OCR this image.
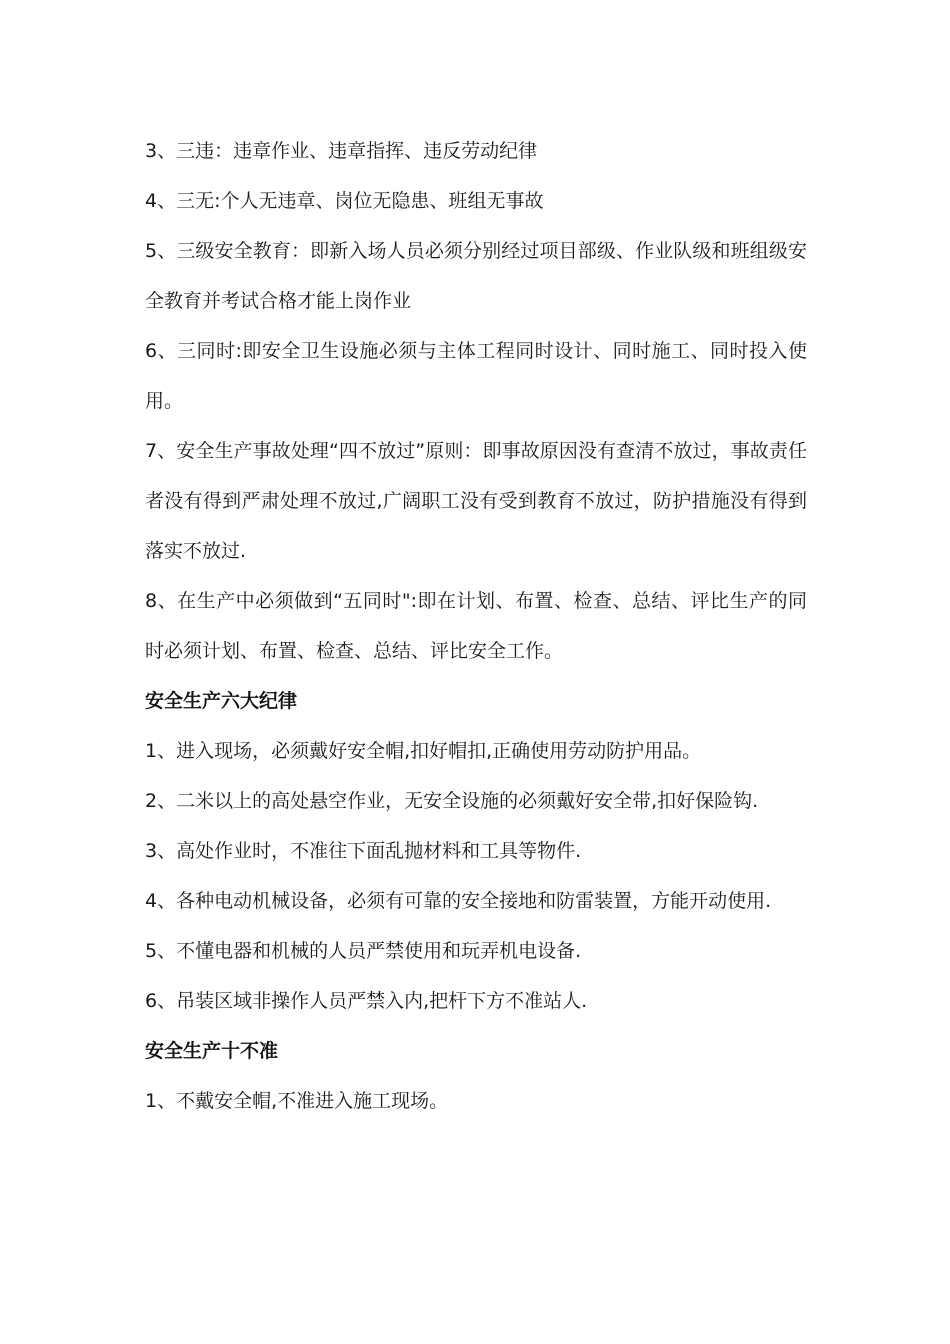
3、三违：违章作业、违章指挥、违反劳动纪律

4、三无:个人无违章、岗位无隐患、班组无事故

5、三级安全教育：即新入场人员必须分别经过项目部级、作业队级和班组级安全教育并考试合格才能上岗作业

6、三同时:即安全卫生设施必须与主体工程同时设计、同时施工、同时投入使用。

7、安全生产事故处理“四不放过”原则：即事故原因没有查清不放过，事故责任者没有得到严肃处理不放过,广阔职工没有受到教育不放过，防护措施没有得到落实不放过.

8、在生产中必须做到“五同时":即在计划、布置、检查、总结、评比生产的同时必须计划、布置、检查、总结、评比安全工作。

安全生产六大纪律

1、进入现场，必须戴好安全帽,扣好帽扣,正确使用劳动防护用品。

2、二米以上的高处悬空作业，无安全设施的必须戴好安全带,扣好保险钩.

3、高处作业时，不准往下面乱抛材料和工具等物件.

4、各种电动机械设备，必须有可靠的安全接地和防雷装置，方能开动使用.

5、不懂电器和机械的人员严禁使用和玩弄机电设备.

6、吊装区域非操作人员严禁入内,把杆下方不准站人.

安全生产十不准

1、不戴安全帽,不准进入施工现场。
